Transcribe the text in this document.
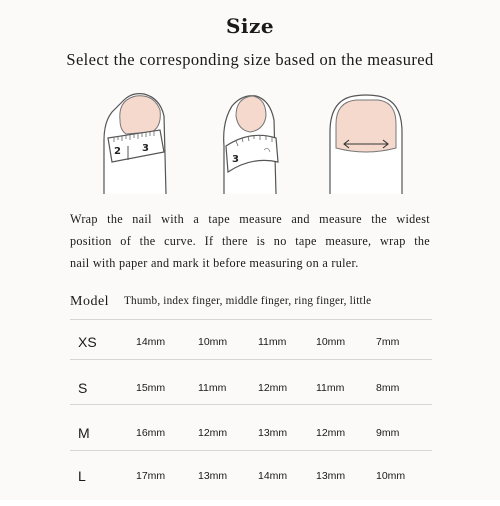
Size
Select the corresponding size based on the measured
2 3
3
Wrap the nail with a tape measure and measure the widest
position of the curve. If there is no tape measure, wrap the
nail with paper and mark it before measuring on a ruler.
Model Thumb, index finger, middle finger, ring finger, little
XS	14mm	10mm	11mm	10mm	7mm
S	15mm	11mm	12mm	11mm	8mm
M	16mm	12mm	13mm	12mm	9mm
L	17mm	13mm	14mm	13mm	10mm
